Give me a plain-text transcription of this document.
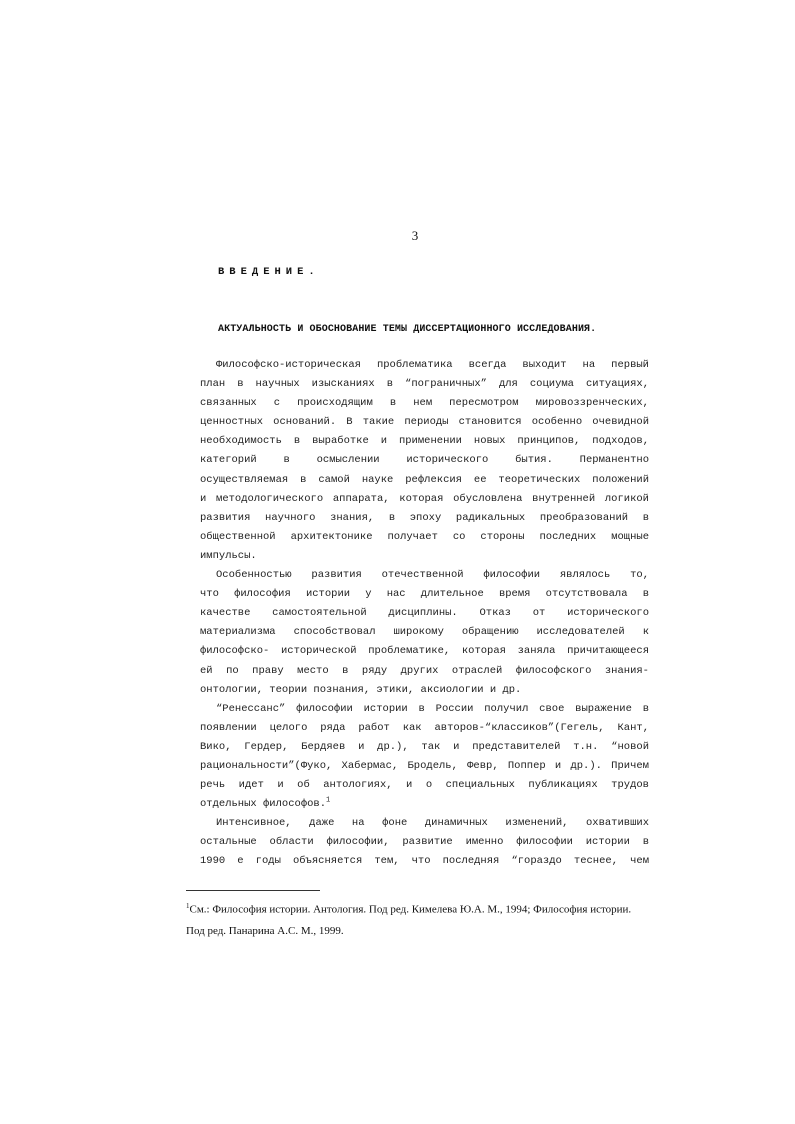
3
ВВЕДЕНИЕ.
АКТУАЛЬНОСТЬ И ОБОСНОВАНИЕ ТЕМЫ ДИССЕРТАЦИОННОГО ИССЛЕДОВАНИЯ.
Философско-историческая проблематика всегда выходит на первый
план в научных изысканиях в “пограничных” для социума ситуациях,
связанных с происходящим в нем пересмотром мировоззренческих,
ценностных оснований. В такие периоды становится особенно очевидной
необходимость в выработке и применении новых принципов, подходов,
категорий в осмыслении исторического бытия. Перманентно
осуществляемая в самой науке рефлексия ее теоретических положений
и методологического аппарата, которая обусловлена внутренней логикой
развития научного знания, в эпоху радикальных преобразований в
общественной архитектонике получает со стороны последних мощные
импульсы.
Особенностью развития отечественной философии являлось то,
что философия истории у нас длительное время отсутствовала в
качестве самостоятельной дисциплины. Отказ от исторического
материализма способствовал широкому обращению исследователей к
философско- исторической проблематике, которая заняла причитающееся
ей по праву место в ряду других отраслей философского знания-
онтологии, теории познания, этики, аксиологии и др.
“Ренессанс” философии истории в России получил свое выражение в
появлении целого ряда работ как авторов-“классиков”(Гегель, Кант,
Вико, Гердер, Бердяев и др.), так и представителей т.н. “новой
рациональности”(Фуко, Хабермас, Бродель, Февр, Поппер и др.). Причем
речь идет и об антологиях, и о специальных публикациях трудов
отдельных философов.$^1$
Интенсивное, даже на фоне динамичных изменений, охвативших
остальные области философии, развитие именно философии истории в
1990 е годы объясняется тем, что последняя “гораздо теснее, чем
$^1$См.: Философия истории. Антология. Под ред. Кимелева Ю.А. М., 1994; Философия истории.
Под ред. Панарина А.С. М., 1999.
